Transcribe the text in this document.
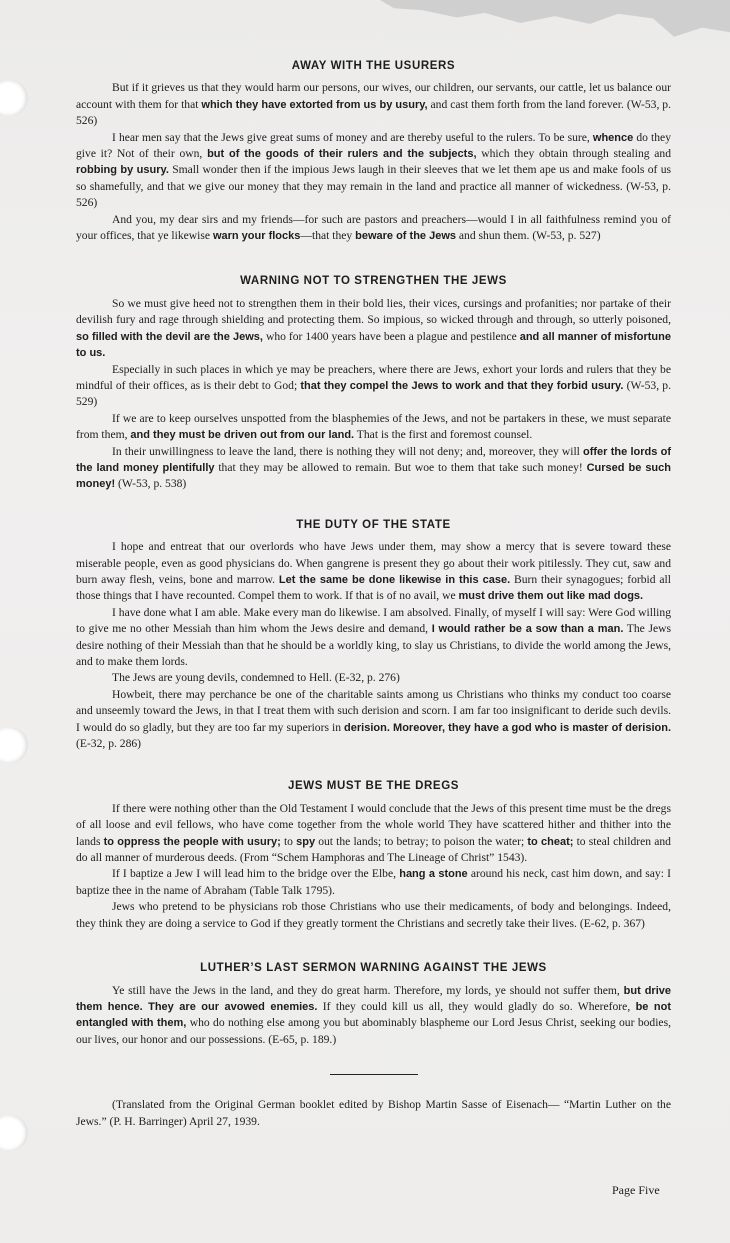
AWAY WITH THE USURERS

But if it grieves us that they would harm our persons, our wives, our children, our servants, our cattle, let us balance our account with them for that which they have extorted from us by usury, and cast them forth from the land forever. (W-53, p. 526)

I hear men say that the Jews give great sums of money and are thereby useful to the rulers. To be sure, whence do they give it? Not of their own, but of the goods of their rulers and the subjects, which they obtain through stealing and robbing by usury. Small wonder then if the impious Jews laugh in their sleeves that we let them ape us and make fools of us so shamefully, and that we give our money that they may remain in the land and practice all manner of wickedness. (W-53, p. 526)

And you, my dear sirs and my friends—for such are pastors and preachers—would I in all faithfulness remind you of your offices, that ye likewise warn your flocks—that they beware of the Jews and shun them. (W-53, p. 527)

WARNING NOT TO STRENGTHEN THE JEWS

So we must give heed not to strengthen them in their bold lies, their vices, cursings and profanities; nor partake of their devilish fury and rage through shielding and protecting them. So impious, so wicked through and through, so utterly poisoned, so filled with the devil are the Jews, who for 1400 years have been a plague and pestilence and all manner of misfortune to us.

Especially in such places in which ye may be preachers, where there are Jews, exhort your lords and rulers that they be mindful of their offices, as is their debt to God; that they compel the Jews to work and that they forbid usury. (W-53, p. 529)

If we are to keep ourselves unspotted from the blasphemies of the Jews, and not be partakers in these, we must separate from them, and they must be driven out from our land. That is the first and foremost counsel.

In their unwillingness to leave the land, there is nothing they will not deny; and, moreover, they will offer the lords of the land money plentifully that they may be allowed to remain. But woe to them that take such money! Cursed be such money! (W-53, p. 538)

THE DUTY OF THE STATE

I hope and entreat that our overlords who have Jews under them, may show a mercy that is severe toward these miserable people, even as good physicians do. When gangrene is present they go about their work pitilessly. They cut, saw and burn away flesh, veins, bone and marrow. Let the same be done likewise in this case. Burn their synagogues; forbid all those things that I have recounted. Compel them to work. If that is of no avail, we must drive them out like mad dogs.

I have done what I am able. Make every man do likewise. I am absolved. Finally, of myself I will say: Were God willing to give me no other Messiah than him whom the Jews desire and demand, I would rather be a sow than a man. The Jews desire nothing of their Messiah than that he should be a worldly king, to slay us Christians, to divide the world among the Jews, and to make them lords.

The Jews are young devils, condemned to Hell. (E-32, p. 276)

Howbeit, there may perchance be one of the charitable saints among us Christians who thinks my conduct too coarse and unseemly toward the Jews, in that I treat them with such derision and scorn. I am far too insignificant to deride such devils. I would do so gladly, but they are too far my superiors in derision. Moreover, they have a god who is master of derision. (E-32, p. 286)

JEWS MUST BE THE DREGS

If there were nothing other than the Old Testament I would conclude that the Jews of this present time must be the dregs of all loose and evil fellows, who have come together from the whole world They have scattered hither and thither into the lands to oppress the people with usury; to spy out the lands; to betray; to poison the water; to cheat; to steal children and do all manner of murderous deeds. (From “Schem Hamphoras and The Lineage of Christ” 1543).

If I baptize a Jew I will lead him to the bridge over the Elbe, hang a stone around his neck, cast him down, and say: I baptize thee in the name of Abraham (Table Talk 1795).

Jews who pretend to be physicians rob those Christians who use their medicaments, of body and belongings. Indeed, they think they are doing a service to God if they greatly torment the Christians and secretly take their lives. (E-62, p. 367)

LUTHER’S LAST SERMON WARNING AGAINST THE JEWS

Ye still have the Jews in the land, and they do great harm. Therefore, my lords, ye should not suffer them, but drive them hence. They are our avowed enemies. If they could kill us all, they would gladly do so. Wherefore, be not entangled with them, who do nothing else among you but abominably blaspheme our Lord Jesus Christ, seeking our bodies, our lives, our honor and our possessions. (E-65, p. 189.)

(Translated from the Original German booklet edited by Bishop Martin Sasse of Eisenach— “Martin Luther on the Jews.” (P. H. Barringer) April 27, 1939.

Page Five
